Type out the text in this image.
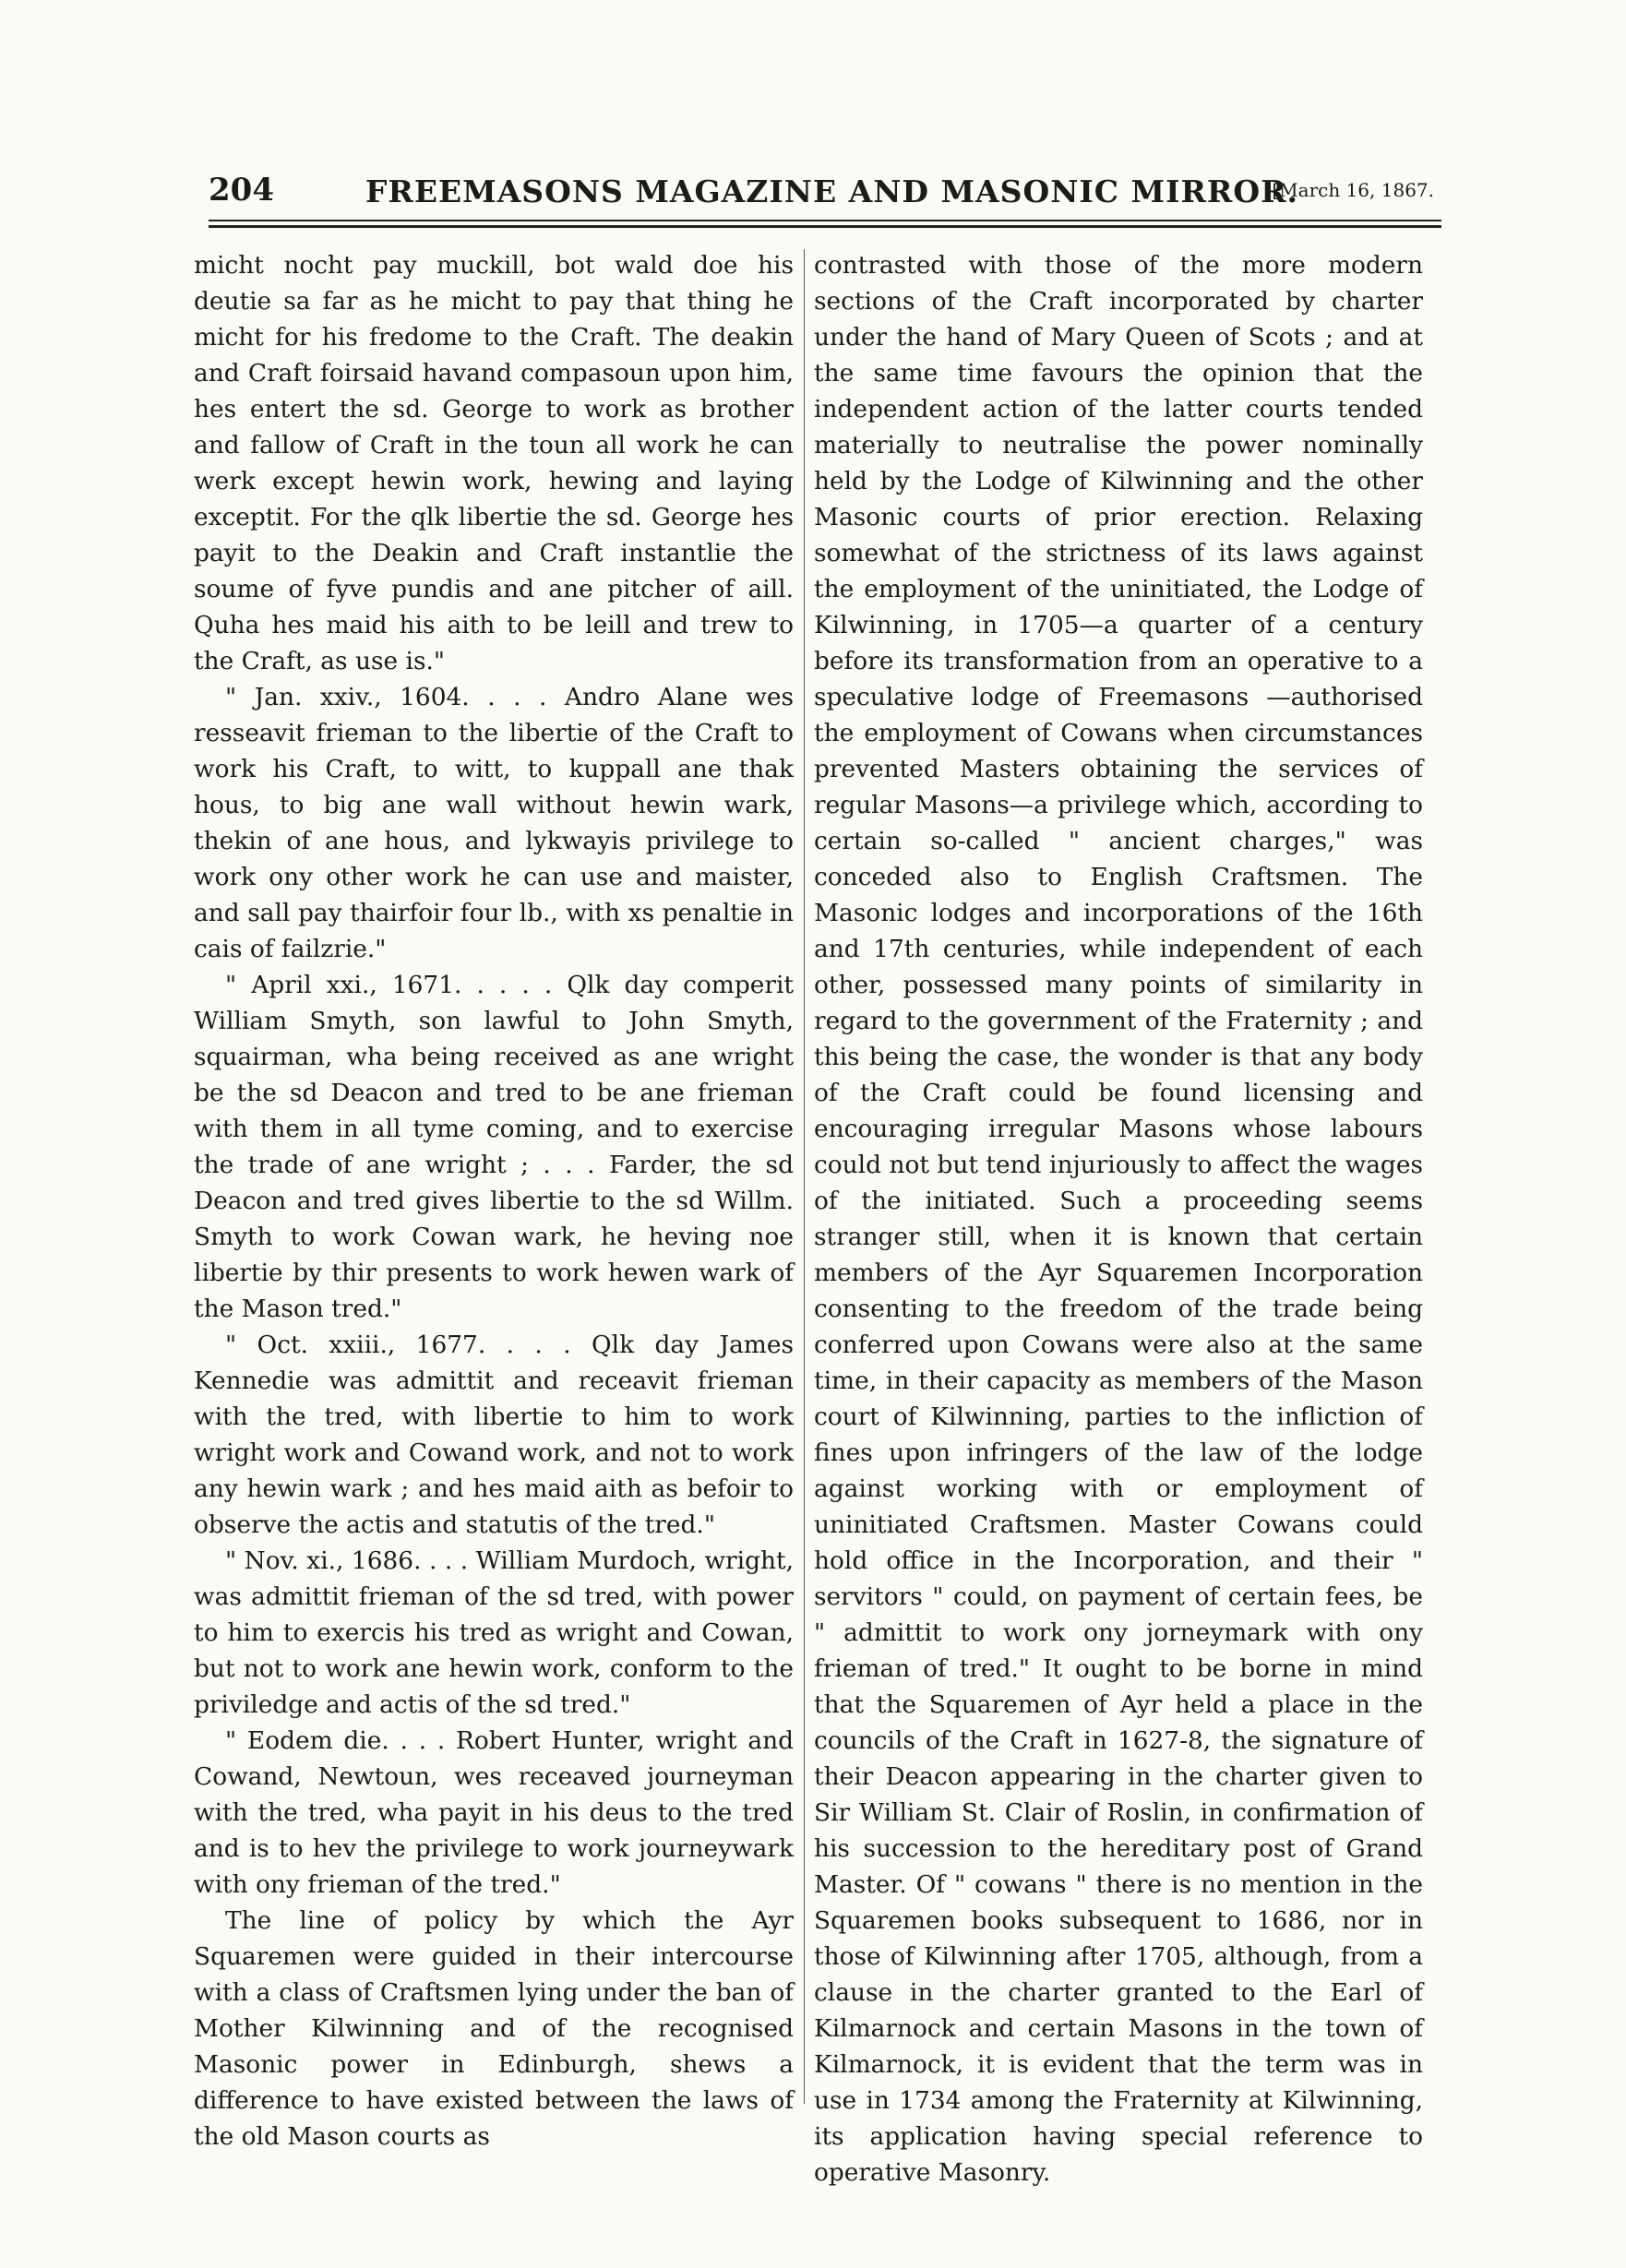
204	FREEMASONS MAGAZINE AND MASONIC MIRROR.
[March 16, 1867.

micht nocht pay muckill, bot wald doe his deutie sa far as he micht to pay that thing he micht for his fredome to the Craft. The deakin and Craft foirsaid havand compasoun upon him, hes entert the sd. George to work as brother and fallow of Craft in the toun all work he can werk except hewin work, hewing and laying exceptit. For the qlk libertie the sd. George hes payit to the Deakin and Craft instantlie the soume of fyve pundis and ane pitcher of aill. Quha hes maid his aith to be leill and trew to the Craft, as use is."

" Jan. xxiv., 1604. . . . Andro Alane wes resseavit frieman to the libertie of the Craft to work his Craft, to witt, to kuppall ane thak hous, to big ane wall without hewin wark, thekin of ane hous, and lykwayis privilege to work ony other work he can use and maister, and sall pay thairfoir four lb., with xs penaltie in cais of failzrie."

" April xxi., 1671. . . . . Qlk day comperit William Smyth, son lawful to John Smyth, squairman, wha being received as ane wright be the sd Deacon and tred to be ane frieman with them in all tyme coming, and to exercise the trade of ane wright ; . . . Farder, the sd Deacon and tred gives libertie to the sd Willm. Smyth to work Cowan wark, he heving noe libertie by thir presents to work hewen wark of the Mason tred."

" Oct. xxiii., 1677. . . . Qlk day James Kennedie was admittit and receavit frieman with the tred, with libertie to him to work wright work and Cowand work, and not to work any hewin wark ; and hes maid aith as befoir to observe the actis and statutis of the tred."

" Nov. xi., 1686. . . . William Murdoch, wright, was admittit frieman of the sd tred, with power to him to exercis his tred as wright and Cowan, but not to work ane hewin work, conform to the priviledge and actis of the sd tred."

" Eodem die. . . . Robert Hunter, wright and Cowand, Newtoun, wes receaved journeyman with the tred, wha payit in his deus to the tred and is to hev the privilege to work journeywark with ony frieman of the tred."

The line of policy by which the Ayr Squaremen were guided in their intercourse with a class of Craftsmen lying under the ban of Mother Kilwinning and of the recognised Masonic power in Edinburgh, shews a difference to have existed between the laws of the old Mason courts as

contrasted with those of the more modern sections of the Craft incorporated by charter under the hand of Mary Queen of Scots ; and at the same time favours the opinion that the independent action of the latter courts tended materially to neutralise the power nominally held by the Lodge of Kilwinning and the other Masonic courts of prior erection. Relaxing somewhat of the strictness of its laws against the employment of the uninitiated, the Lodge of Kilwinning, in 1705—a quarter of a century before its transformation from an operative to a speculative lodge of Freemasons —authorised the employment of Cowans when circumstances prevented Masters obtaining the services of regular Masons—a privilege which, according to certain so-called " ancient charges," was conceded also to English Craftsmen. The Masonic lodges and incorporations of the 16th and 17th centuries, while independent of each other, possessed many points of similarity in regard to the government of the Fraternity ; and this being the case, the wonder is that any body of the Craft could be found licensing and encouraging irregular Masons whose labours could not but tend injuriously to affect the wages of the initiated. Such a proceeding seems stranger still, when it is known that certain members of the Ayr Squaremen Incorporation consenting to the freedom of the trade being conferred upon Cowans were also at the same time, in their capacity as members of the Mason court of Kilwinning, parties to the infliction of fines upon infringers of the law of the lodge against working with or employment of uninitiated Craftsmen. Master Cowans could hold office in the Incorporation, and their " servitors " could, on payment of certain fees, be " admittit to work ony jorneymark with ony frieman of tred." It ought to be borne in mind that the Squaremen of Ayr held a place in the councils of the Craft in 1627-8, the signature of their Deacon appearing in the charter given to Sir William St. Clair of Roslin, in confirmation of his succession to the hereditary post of Grand Master. Of " cowans " there is no mention in the Squaremen books subsequent to 1686, nor in those of Kilwinning after 1705, although, from a clause in the charter granted to the Earl of Kilmarnock and certain Masons in the town of Kilmarnock, it is evident that the term was in use in 1734 among the Fraternity at Kilwinning, its application having special reference to operative Masonry.
